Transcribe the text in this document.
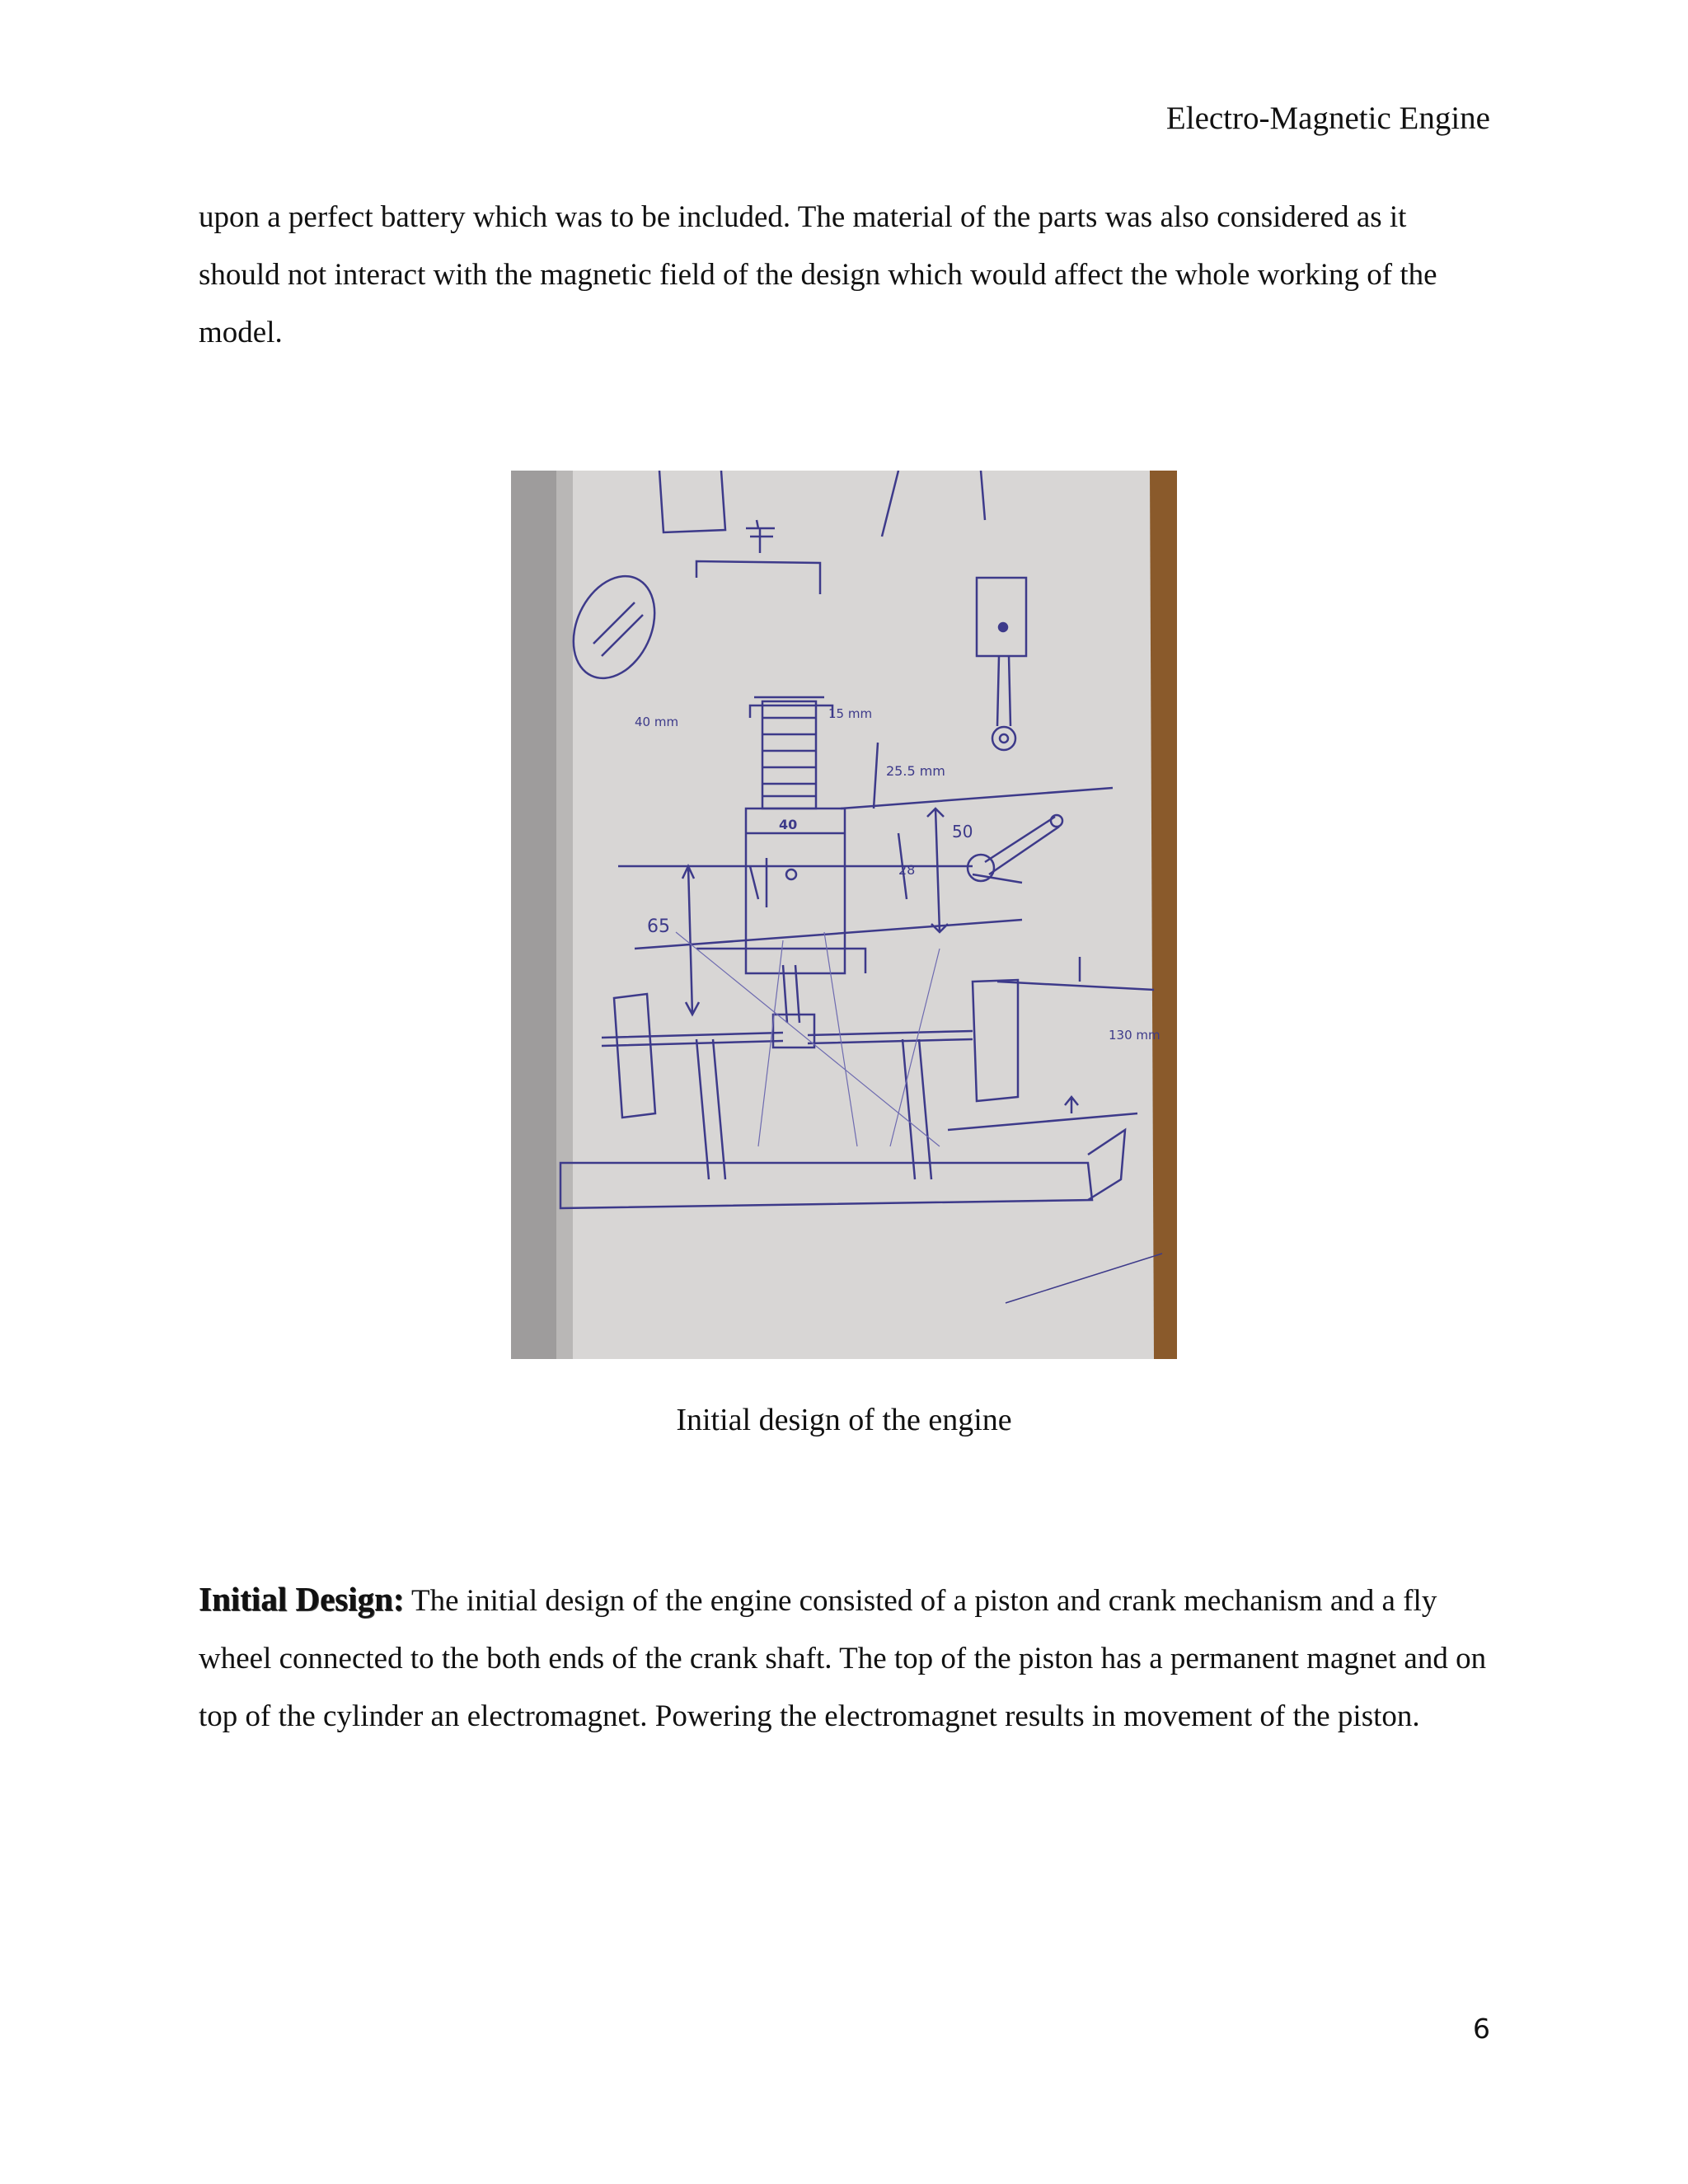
Electro-Magnetic Engine

upon a perfect battery which was to be included. The material of the parts was also considered as it should not interact with the magnetic field of the design which would affect the whole working of the model.

40 mm
15 mm
25.5 mm
40
28
50
65
130 mm
Initial design of the engine

Initial Design: The initial design of the engine consisted of a piston and crank mechanism and a fly wheel connected to the both ends of the crank shaft. The top of the piston has a permanent magnet and on top of the cylinder an electromagnet. Powering the electromagnet results in movement of the piston.

6
